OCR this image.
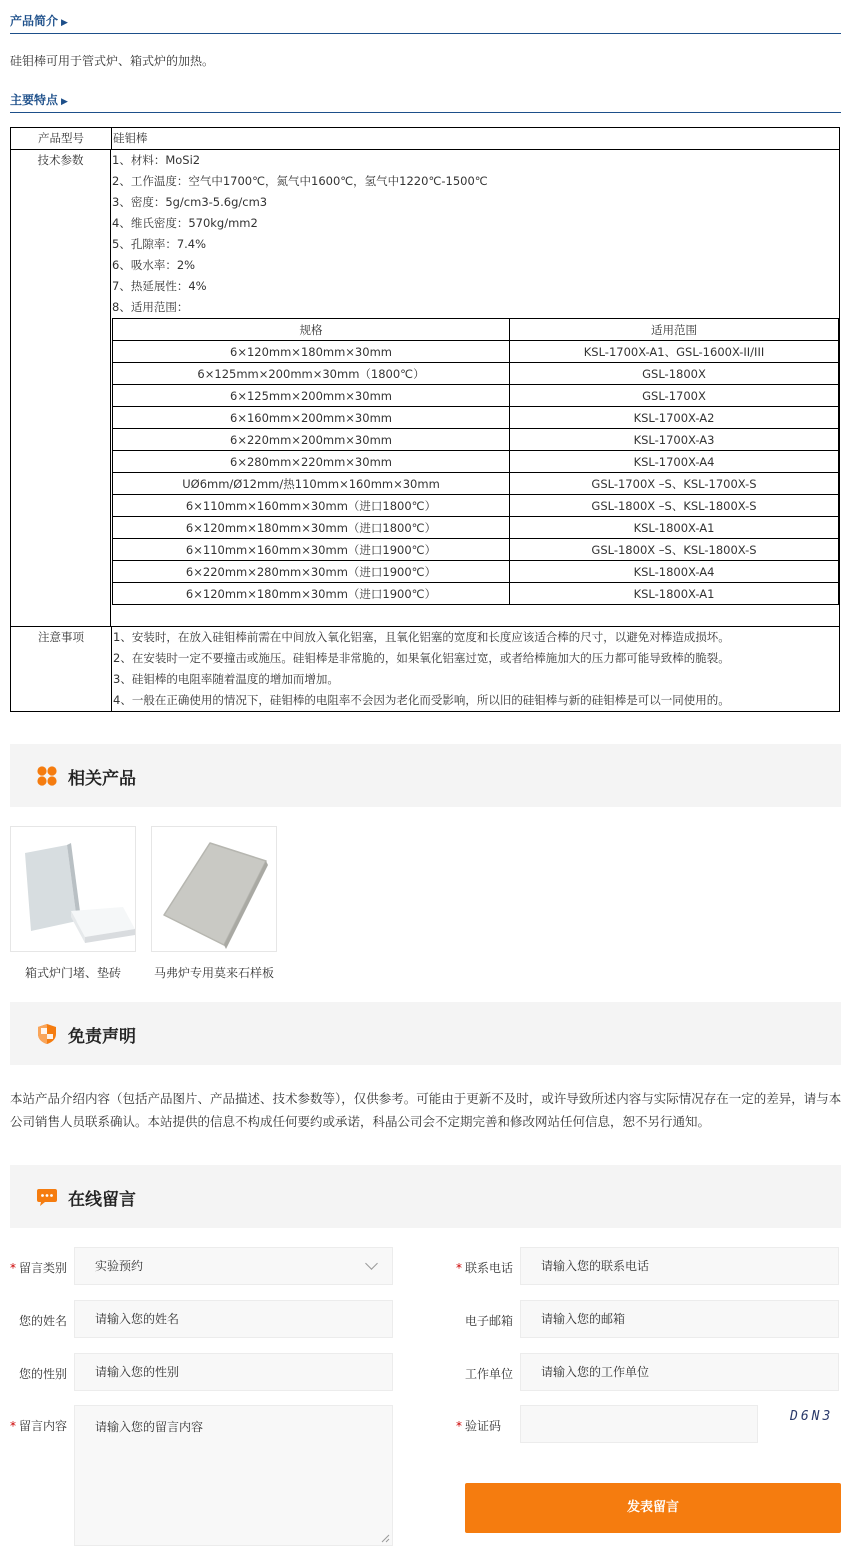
产品简介 ▶
硅钼棒可用于管式炉、箱式炉的加热。
主要特点 ▶
产品型号	硅钼棒
技术参数	1、材料：MoSi2
2、工作温度：空气中1700℃，氮气中1600℃，氢气中1220℃-1500℃
3、密度：5g/cm3-5.6g/cm3
4、维氏密度：570kg/mm2
5、孔隙率：7.4%
6、吸水率：2%
7、热延展性：4%
8、适用范围：
规格	适用范围
6×120mm×180mm×30mm	KSL-1700X-A1、GSL-1600X-II/III
6×125mm×200mm×30mm（1800℃）	GSL-1800X
6×125mm×200mm×30mm	GSL-1700X
6×160mm×200mm×30mm	KSL-1700X-A2
6×220mm×200mm×30mm	KSL-1700X-A3
6×280mm×220mm×30mm	KSL-1700X-A4
UØ6mm/Ø12mm/热110mm×160mm×30mm	GSL-1700X –S、KSL-1700X-S
6×110mm×160mm×30mm（进口1800℃）	GSL-1800X –S、KSL-1800X-S
6×120mm×180mm×30mm（进口1800℃）	KSL-1800X-A1
6×110mm×160mm×30mm（进口1900℃）	GSL-1800X –S、KSL-1800X-S
6×220mm×280mm×30mm（进口1900℃）	KSL-1800X-A4
6×120mm×180mm×30mm（进口1900℃）	KSL-1800X-A1
注意事项	1、安装时，在放入硅钼棒前需在中间放入氧化铝塞，且氧化铝塞的宽度和长度应该适合棒的尺寸，以避免对棒造成损坏。
2、在安装时一定不要撞击或施压。硅钼棒是非常脆的，如果氧化铝塞过宽，或者给棒施加大的压力都可能导致棒的脆裂。
3、硅钼棒的电阻率随着温度的增加而增加。
4、一般在正确使用的情况下，硅钼棒的电阻率不会因为老化而受影响，所以旧的硅钼棒与新的硅钼棒是可以一同使用的。
相关产品
箱式炉门堵、垫砖	马弗炉专用莫来石样板
免责声明
本站产品介绍内容（包括产品图片、产品描述、技术参数等），仅供参考。可能由于更新不及时，或许导致所述内容与实际情况存在一定的差异，请与本公司销售人员联系确认。本站提供的信息不构成任何要约或承诺，科晶公司会不定期完善和修改网站任何信息，恕不另行通知。
在线留言
* 留言类别	实验预约
您的姓名	请输入您的姓名
您的性别	请输入您的性别
* 留言内容	请输入您的留言内容
* 联系电话	请输入您的联系电话
电子邮箱	请输入您的邮箱
工作单位	请输入您的工作单位
* 验证码
D6N3
发表留言
